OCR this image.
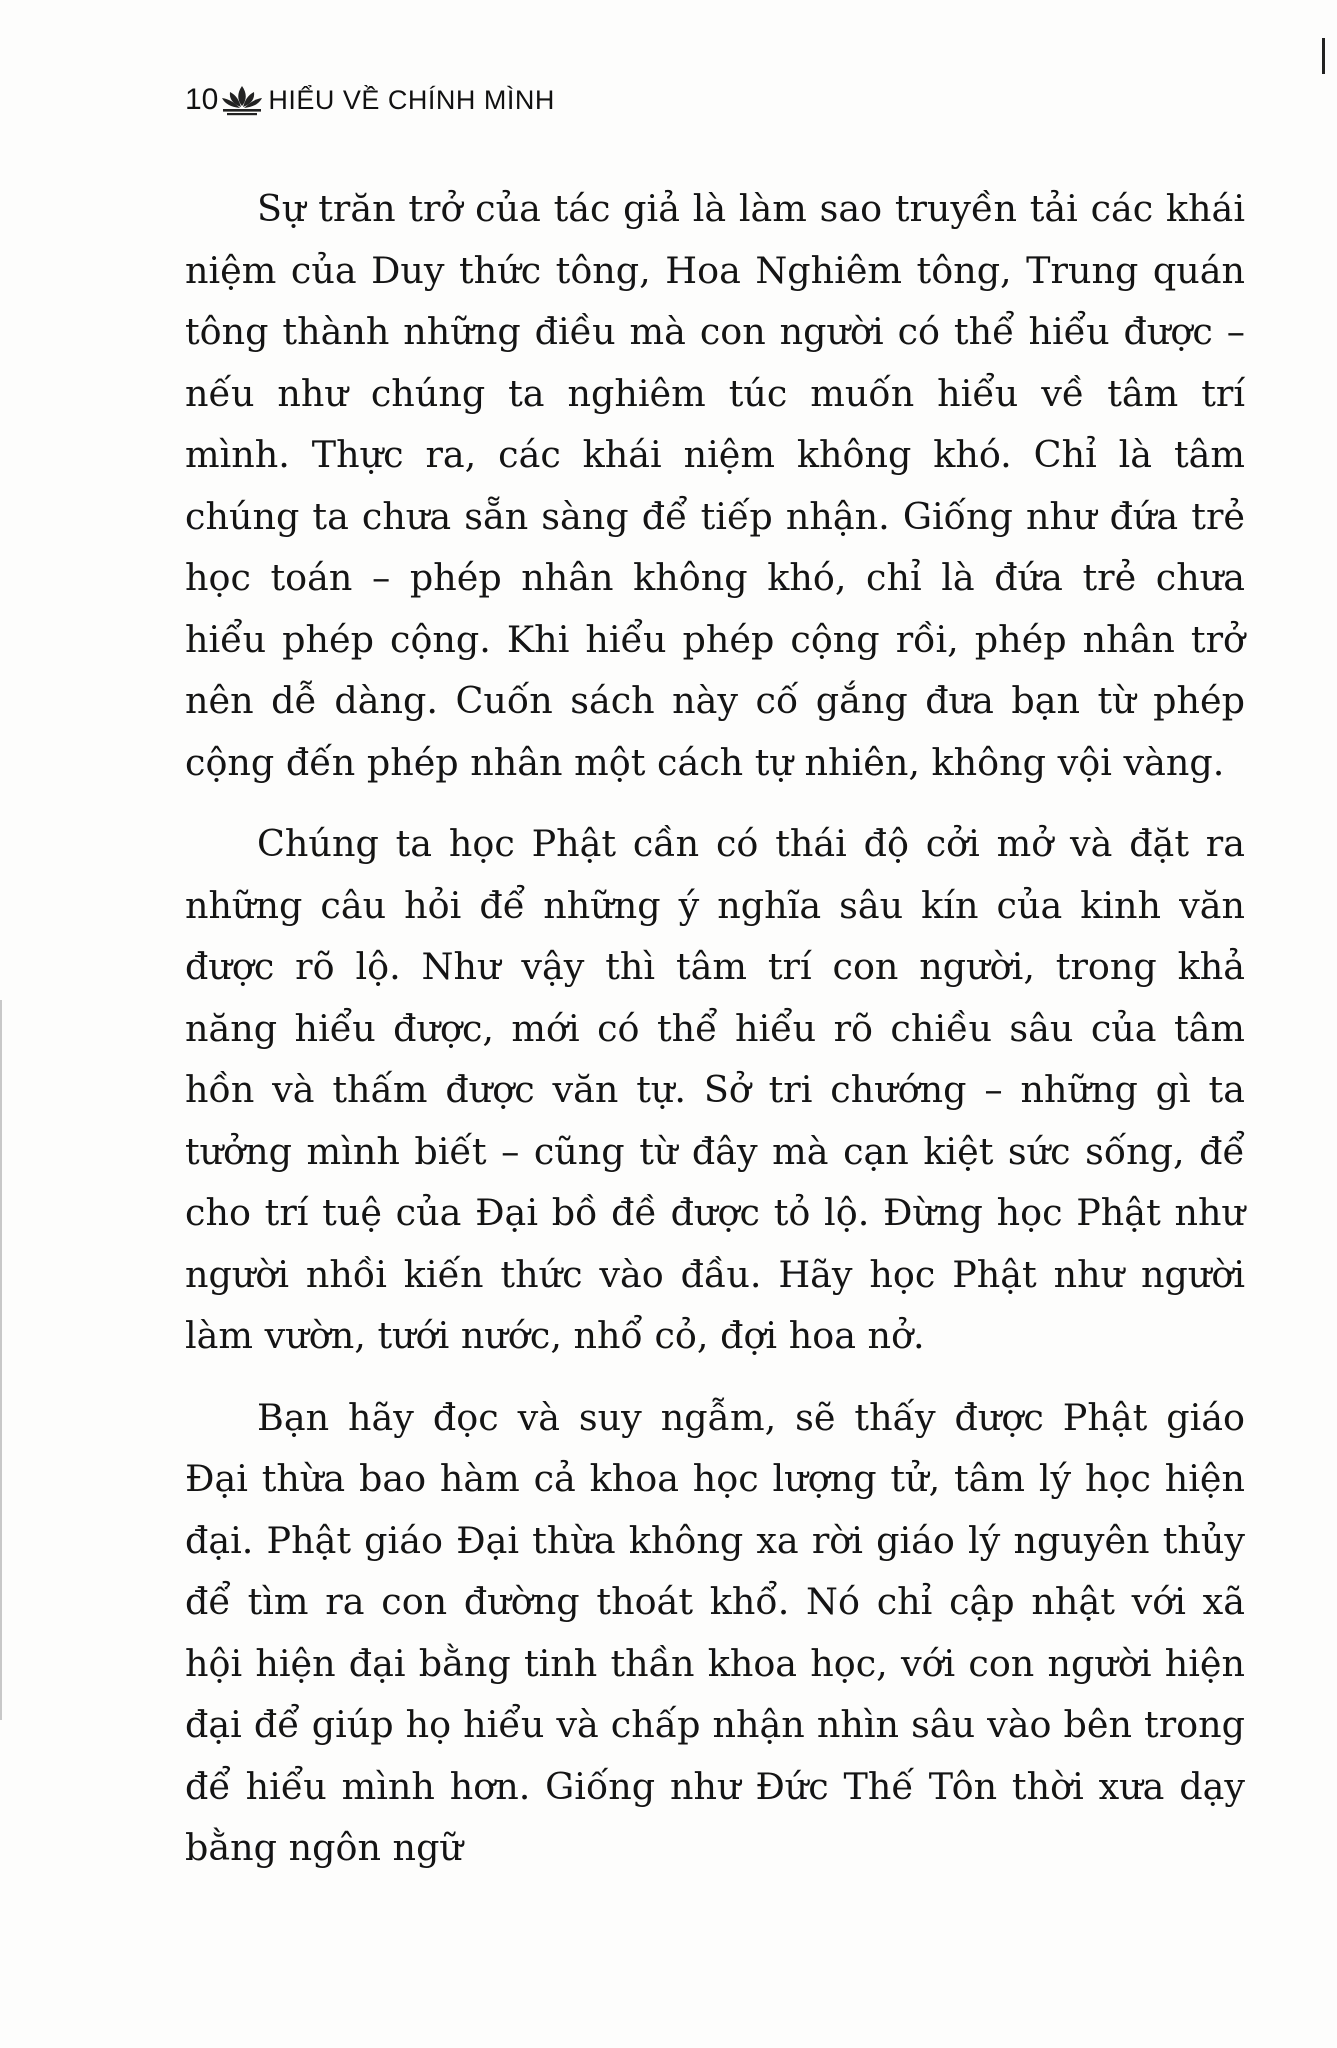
10 HIỂU VỀ CHÍNH MÌNH

Sự trăn trở của tác giả là làm sao truyền tải các khái niệm của Duy thức tông, Hoa Nghiêm tông, Trung quán tông thành những điều mà con người có thể hiểu được – nếu như chúng ta nghiêm túc muốn hiểu về tâm trí mình. Thực ra, các khái niệm không khó. Chỉ là tâm chúng ta chưa sẵn sàng để tiếp nhận. Giống như đứa trẻ học toán – phép nhân không khó, chỉ là đứa trẻ chưa hiểu phép cộng. Khi hiểu phép cộng rồi, phép nhân trở nên dễ dàng. Cuốn sách này cố gắng đưa bạn từ phép cộng đến phép nhân một cách tự nhiên, không vội vàng.

Chúng ta học Phật cần có thái độ cởi mở và đặt ra những câu hỏi để những ý nghĩa sâu kín của kinh văn được rõ lộ. Như vậy thì tâm trí con người, trong khả năng hiểu được, mới có thể hiểu rõ chiều sâu của tâm hồn và thấm được văn tự. Sở tri chướng – những gì ta tưởng mình biết – cũng từ đây mà cạn kiệt sức sống, để cho trí tuệ của Đại bồ đề được tỏ lộ. Đừng học Phật như người nhồi kiến thức vào đầu. Hãy học Phật như người làm vườn, tưới nước, nhổ cỏ, đợi hoa nở.

Bạn hãy đọc và suy ngẫm, sẽ thấy được Phật giáo Đại thừa bao hàm cả khoa học lượng tử, tâm lý học hiện đại. Phật giáo Đại thừa không xa rời giáo lý nguyên thủy để tìm ra con đường thoát khổ. Nó chỉ cập nhật với xã hội hiện đại bằng tinh thần khoa học, với con người hiện đại để giúp họ hiểu và chấp nhận nhìn sâu vào bên trong để hiểu mình hơn. Giống như Đức Thế Tôn thời xưa dạy bằng ngôn ngữ
